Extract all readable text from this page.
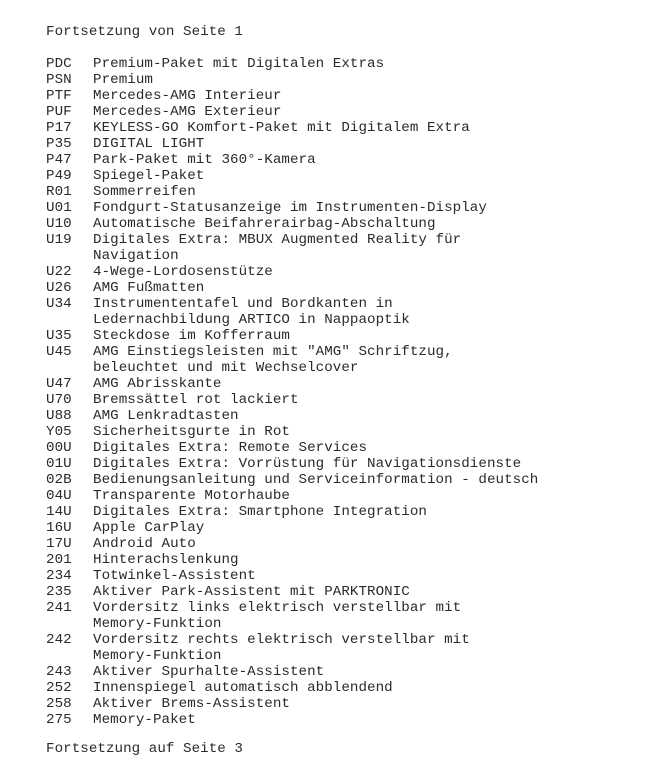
Fortsetzung von Seite 1
PDC	Premium-Paket mit Digitalen Extras
PSN	Premium
PTF	Mercedes-AMG Interieur
PUF	Mercedes-AMG Exterieur
P17	KEYLESS-GO Komfort-Paket mit Digitalem Extra
P35	DIGITAL LIGHT
P47	Park-Paket mit 360°-Kamera
P49	Spiegel-Paket
R01	Sommerreifen
U01	Fondgurt-Statusanzeige im Instrumenten-Display
U10	Automatische Beifahrerairbag-Abschaltung
U19	Digitales Extra: MBUX Augmented Reality für
Navigation
U22	4-Wege-Lordosenstütze
U26	AMG Fußmatten
U34	Instrumententafel und Bordkanten in
Ledernachbildung ARTICO in Nappaoptik
U35	Steckdose im Kofferraum
U45	AMG Einstiegsleisten mit "AMG" Schriftzug,
beleuchtet und mit Wechselcover
U47	AMG Abrisskante
U70	Bremssättel rot lackiert
U88	AMG Lenkradtasten
Y05	Sicherheitsgurte in Rot
00U	Digitales Extra: Remote Services
01U	Digitales Extra: Vorrüstung für Navigationsdienste
02B	Bedienungsanleitung und Serviceinformation - deutsch
04U	Transparente Motorhaube
14U	Digitales Extra: Smartphone Integration
16U	Apple CarPlay
17U	Android Auto
201	Hinterachslenkung
234	Totwinkel-Assistent
235	Aktiver Park-Assistent mit PARKTRONIC
241	Vordersitz links elektrisch verstellbar mit
Memory-Funktion
242	Vordersitz rechts elektrisch verstellbar mit
Memory-Funktion
243	Aktiver Spurhalte-Assistent
252	Innenspiegel automatisch abblendend
258	Aktiver Brems-Assistent
275	Memory-Paket
Fortsetzung auf Seite 3
